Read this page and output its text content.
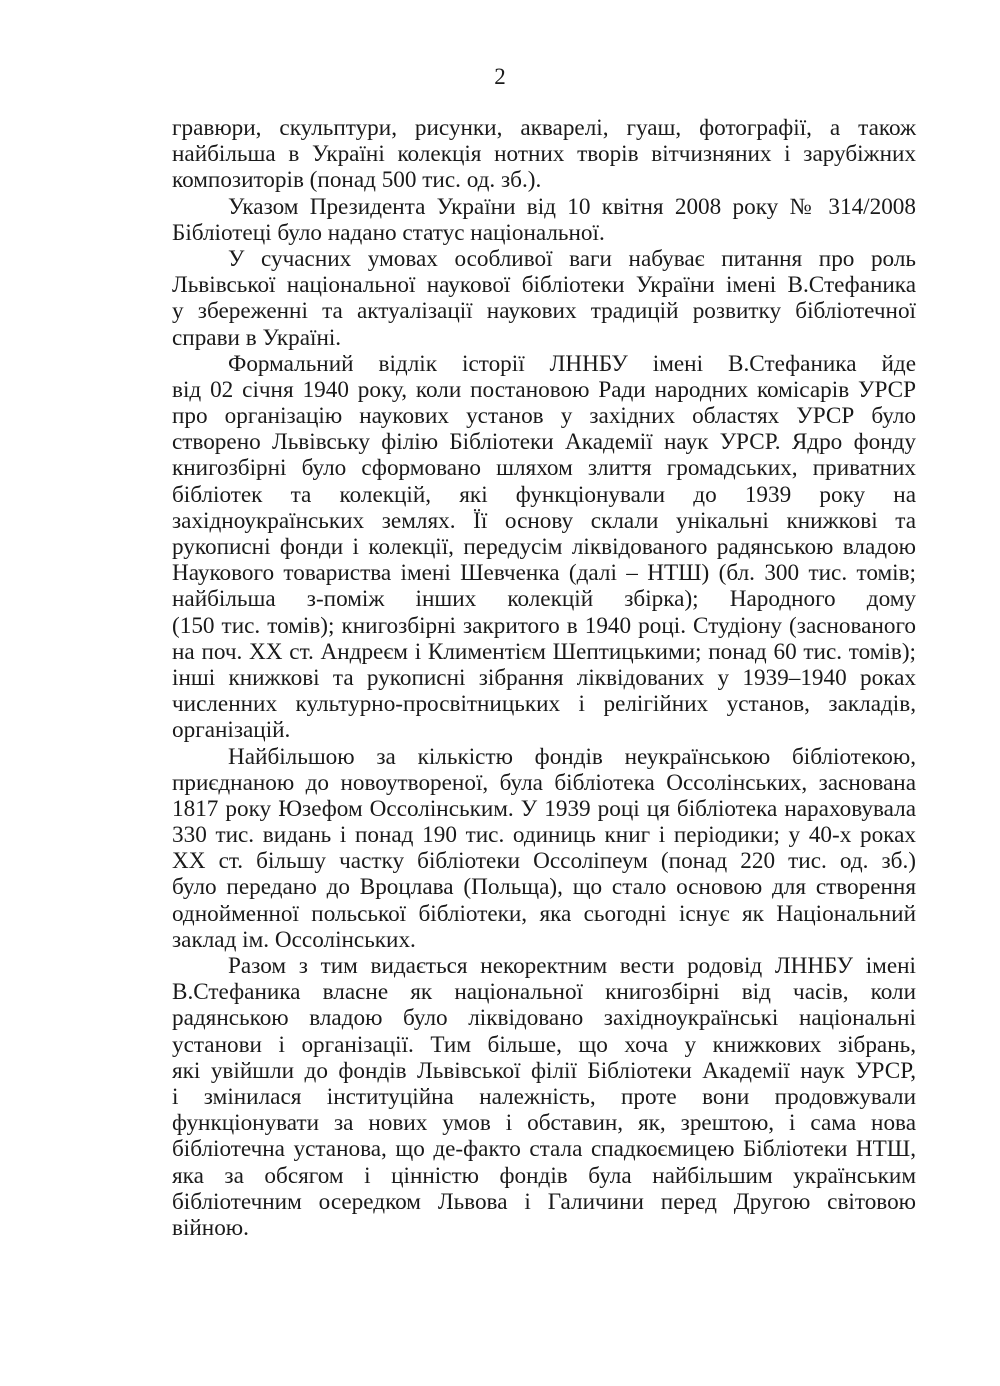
2
гравюри, скульптури, рисунки, акварелі, гуаш, фотографії, а також
найбільша в Україні колекція нотних творів вітчизняних і зарубіжних
композиторів (понад 500 тис. од. зб.).
Указом Президента України від 10 квітня 2008 року № 314/2008
Бібліотеці було надано статус національної.
У сучасних умовах особливої ваги набуває питання про роль
Львівської національної наукової бібліотеки України імені В.Стефаника
у збереженні та актуалізації наукових традицій розвитку бібліотечної
справи в Україні.
Формальний відлік історії ЛННБУ імені В.Стефаника йде
від 02 січня 1940 року, коли постановою Ради народних комісарів УРСР
про організацію наукових установ у західних областях УРСР було
створено Львівську філію Бібліотеки Академії наук УРСР. Ядро фонду
книгозбірні було сформовано шляхом злиття громадських, приватних
бібліотек та колекцій, які функціонували до 1939 року на
західноукраїнських землях. Її основу склали унікальні книжкові та
рукописні фонди і колекції, передусім ліквідованого радянською владою
Наукового товариства імені Шевченка (далі – НТШ) (бл. 300 тис. томів;
найбільша з-поміж інших колекцій збірка); Народного дому
(150 тис. томів); книгозбірні закритого в 1940 році. Студіону (заснованого
на поч. XX ст. Андреєм і Климентієм Шептицькими; понад 60 тис. томів);
інші книжкові та рукописні зібрання ліквідованих у 1939–1940 роках
численних культурно-просвітницьких і релігійних установ, закладів,
організацій.
Найбільшою за кількістю фондів неукраїнською бібліотекою,
приєднаною до новоутвореної, була бібліотека Оссолінських, заснована
1817 року Юзефом Оссолінським. У 1939 році ця бібліотека нараховувала
330 тис. видань і понад 190 тис. одиниць книг і періодики; у 40-х роках
XX ст. більшу частку бібліотеки Оссоліпеум (понад 220 тис. од. зб.)
було передано до Вроцлава (Польща), що стало основою для створення
однойменної польської бібліотеки, яка сьогодні існує як Національний
заклад ім. Оссолінських.
Разом з тим видається некоректним вести родовід ЛННБУ імені
В.Стефаника власне як національної книгозбірні від часів, коли
радянською владою було ліквідовано західноукраїнські національні
установи і організації. Тим більше, що хоча у книжкових зібрань,
які увійшли до фондів Львівської філії Бібліотеки Академії наук УРСР,
і змінилася інституційна належність, проте вони продовжували
функціонувати за нових умов і обставин, як, зрештою, і сама нова
бібліотечна установа, що де-факто стала спадкоємицею Бібліотеки НТШ,
яка за обсягом і цінністю фондів була найбільшим українським
бібліотечним осередком Львова і Галичини перед Другою світовою
війною.
